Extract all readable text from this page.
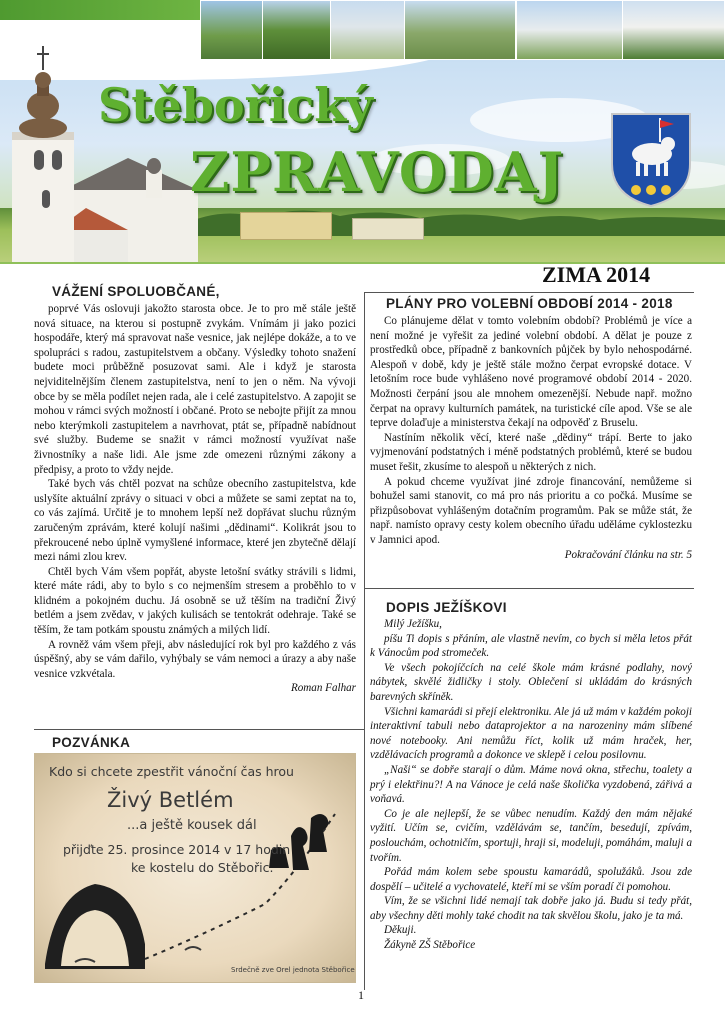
Stěbořický
ZPRAVODAJ
ZIMA 2014
VÁŽENÍ SPOLUOBČANÉ,

poprvé Vás oslovuji jakožto starosta obce. Je to pro mě stále ještě nová situace, na kterou si postupně zvykám. Vnímám ji jako pozici hospodáře, který má spravovat naše vesnice, jak nejlépe dokáže, a to ve spolupráci s radou, zastupitelstvem a občany. Výsledky tohoto snažení budete moci průběžně posuzovat sami. Ale i když je starosta nejviditelnějším členem zastupitelstva, není to jen o něm. Na vývoji obce by se měla podílet nejen rada, ale i celé zastupitelstvo. A zapojit se mohou v rámci svých možností i občané. Proto se nebojte přijít za mnou nebo kterýmkoli zastupitelem a navrhovat, ptát se, případně nabídnout své služby. Budeme se snažit v rámci možností využívat naše živnostníky a naše lidi. Ale jsme zde omezeni různými zákony a předpisy, a proto to vždy nejde.

Také bych vás chtěl pozvat na schůze obecního zastupitelstva, kde uslyšíte aktuální zprávy o situaci v obci a můžete se sami zeptat na to, co vás zajímá. Určitě je to mnohem lepší než dopřávat sluchu různým zaručeným zprávám, které kolují našimi „dědinami“. Kolikrát jsou to překroucené nebo úplně vymyšlené informace, které jen zbytečně dělají mezi námi zlou krev.

Chtěl bych Vám všem popřát, abyste letošní svátky strávili s lidmi, které máte rádi, aby to bylo s co nejmenším stresem a proběhlo to v klidném a pokojném duchu. Já osobně se už těším na tradiční Živý betlém a jsem zvědav, v jakých kulisách se tentokrát odehraje. Také se těším, že tam potkám spoustu známých a milých lidí.

A rovněž vám všem přeji, abv následující rok byl pro každého z vás úspěšný, aby se vám dařilo, vyhýbaly se vám nemoci a úrazy a aby naše vesnice vzkvétala.

Roman Falhar

POZVÁNKA

Kdo si chcete zpestřit vánoční čas hrou

Živý Betlém

...a ještě kousek dál

přijďte 25. prosince 2014 v 17 hodin

ke kostelu do Stěbořic.

Srdečně zve Orel jednota Stěbořice

PLÁNY PRO VOLEBNÍ OBDOBÍ 2014 - 2018

Co plánujeme dělat v tomto volebním období? Problémů je více a není možné je vyřešit za jediné volební období. A dělat je pouze z prostředků obce, případně z bankovních půjček by bylo nehospodárné. Alespoň v době, kdy je ještě stále možno čerpat evropské dotace. V letošním roce bude vyhlášeno nové programové období 2014 - 2020. Možnosti čerpání jsou ale mnohem omezenější. Nebude např. možno čerpat na opravy kulturních památek, na turistické cíle apod. Vše se ale teprve dolaďuje a ministerstva čekají na odpověď z Bruselu.

Nastíním několik věcí, které naše „dědiny“ trápí. Berte to jako vyjmenování podstatných i méně podstatných problémů, které se budou muset řešit, zkusíme to alespoň u některých z nich.

A pokud chceme využívat jiné zdroje financování, nemůžeme si bohužel sami stanovit, co má pro nás prioritu a co počká. Musíme se přizpůsobovat vyhlášeným dotačním programům. Pak se může stát, že např. namísto opravy cesty kolem obecního úřadu uděláme cyklostezku v Jamnici apod.

Pokračování článku na str. 5

DOPIS JEŽÍŠKOVI

Milý Ježíšku,

píšu Ti dopis s přáním, ale vlastně nevím, co bych si měla letos přát k Vánocům pod stromeček.

Ve všech pokojíčcích na celé škole mám krásné podlahy, nový nábytek, skvělé židličky i stoly. Oblečení si ukládám do krásných barevných skříněk.

Všichni kamarádi si přejí elektroniku. Ale já už mám v každém pokoji interaktivní tabuli nebo dataprojektor a na narozeniny mám slíbené nové notebooky. Ani nemůžu říct, kolik už mám hraček, her, vzdělávacích programů a dokonce ve sklepě i celou posilovnu.

„Naši“ se dobře starají o dům. Máme nová okna, střechu, toalety a prý i elektřinu?! A na Vánoce je celá naše školička vyzdobená, zářivá a voňavá.

Co je ale nejlepší, že se vůbec nenudím. Každý den mám nějaké vyžití. Učím se, cvičím, vzdělávám se, tančím, besedují, zpívám, poslouchám, ochotničím, sportuji, hraji si, modeluji, pomáhám, maluji a tvořím.

Pořád mám kolem sebe spoustu kamarádů, spolužáků. Jsou zde dospělí – učitelé a vychovatelé, kteří mi se vším poradí či pomohou.

Vím, že se všichni lidé nemají tak dobře jako já. Budu si tedy přát, aby všechny děti mohly také chodit na tak skvělou školu, jako je ta má.

Děkuji.

Žákyně ZŠ Stěbořice

1
